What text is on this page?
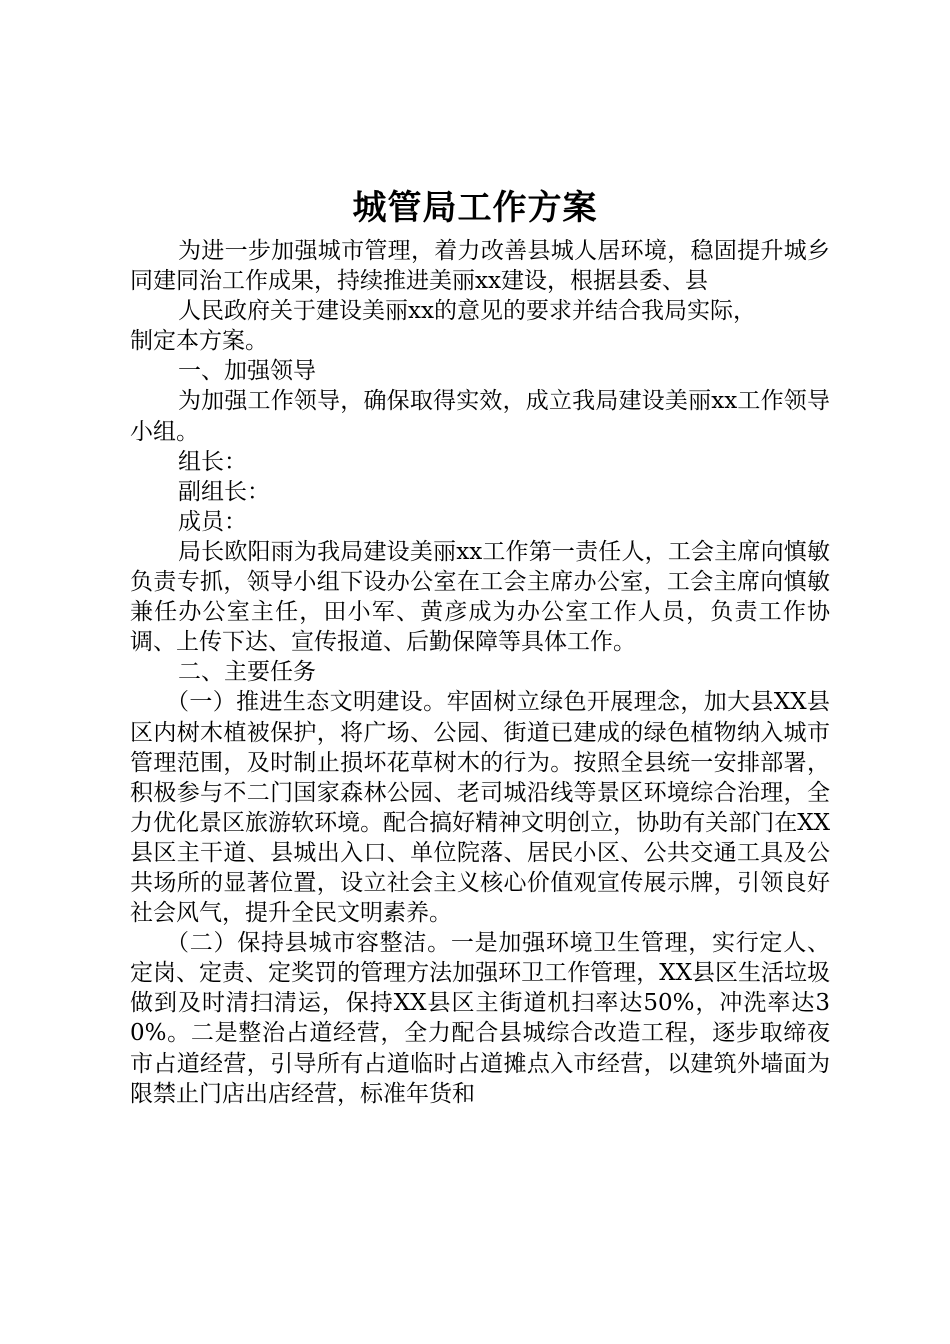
城管局工作方案

为进一步加强城市管理，着力改善县城人居环境，稳固提升城乡同建同治工作成果，持续推进美丽xx建设，根据县委、县

人民政府关于建设美丽xx的意见的要求并结合我局实际，

制定本方案。

一、加强领导

为加强工作领导，确保取得实效，成立我局建设美丽xx工作领导小组。

组长：

副组长：

成员：

局长欧阳雨为我局建设美丽xx工作第一责任人，工会主席向慎敏负责专抓，领导小组下设办公室在工会主席办公室，工会主席向慎敏兼任办公室主任，田小军、黄彦成为办公室工作人员，负责工作协调、上传下达、宣传报道、后勤保障等具体工作。

二、主要任务

（一）推进生态文明建设。牢固树立绿色开展理念，加大县XX县区内树木植被保护，将广场、公园、街道已建成的绿色植物纳入城市管理范围，及时制止损坏花草树木的行为。按照全县统一安排部署，积极参与不二门国家森林公园、老司城沿线等景区环境综合治理，全力优化景区旅游软环境。配合搞好精神文明创立，协助有关部门在XX县区主干道、县城出入口、单位院落、居民小区、公共交通工具及公共场所的显著位置，设立社会主义核心价值观宣传展示牌，引领良好社会风气，提升全民文明素养。

（二）保持县城市容整洁。一是加强环境卫生管理，实行定人、定岗、定责、定奖罚的管理方法加强环卫工作管理，XX县区生活垃圾做到及时清扫清运，保持XX县区主街道机扫率达50%，冲洗率达30%。二是整治占道经营，全力配合县城综合改造工程，逐步取缔夜市占道经营，引导所有占道临时占道摊点入市经营，以建筑外墙面为限禁止门店出店经营，标准年货和
